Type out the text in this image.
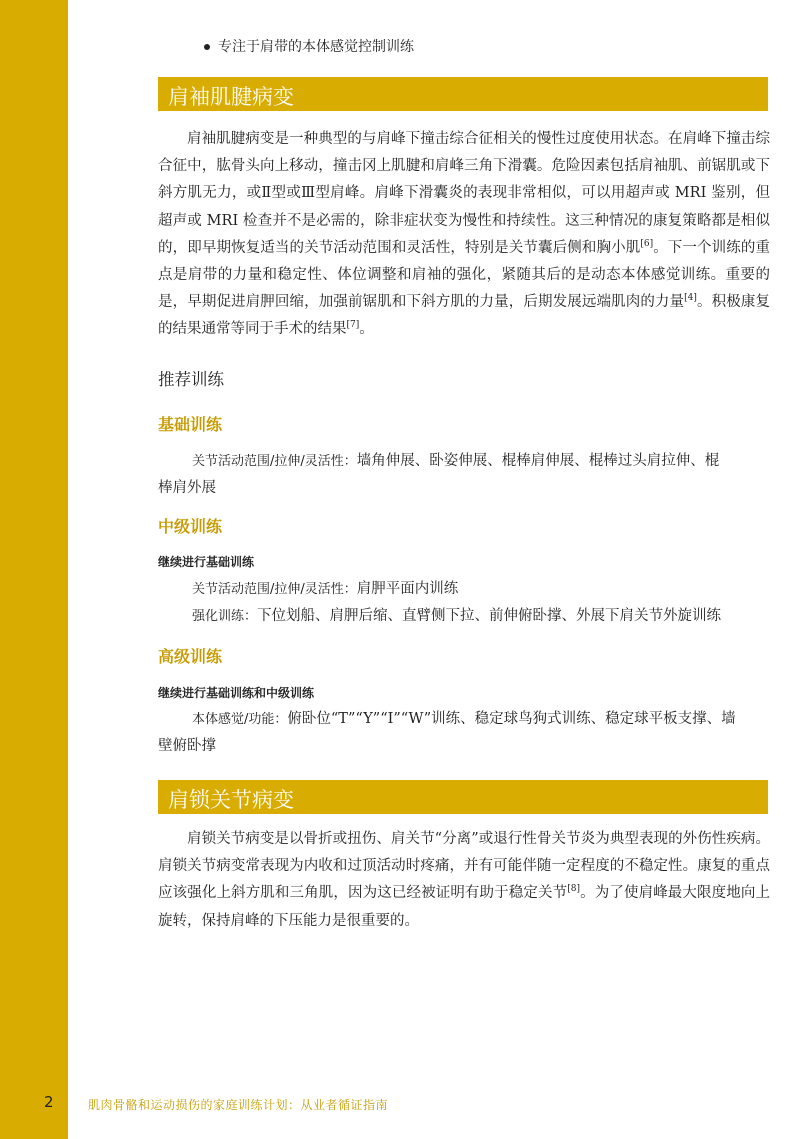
专注于肩带的本体感觉控制训练
肩袖肌腱病变

肩袖肌腱病变是一种典型的与肩峰下撞击综合征相关的慢性过度使用状态。在肩峰下撞击综合征中，肱骨头向上移动，撞击冈上肌腱和肩峰三角下滑囊。危险因素包括肩袖肌、前锯肌或下斜方肌无力，或Ⅱ型或Ⅲ型肩峰。肩峰下滑囊炎的表现非常相似，可以用超声或 MRI 鉴别，但超声或 MRI 检查并不是必需的，除非症状变为慢性和持续性。这三种情况的康复策略都是相似的，即早期恢复适当的关节活动范围和灵活性，特别是关节囊后侧和胸小肌[6]。下一个训练的重点是肩带的力量和稳定性、体位调整和肩袖的强化，紧随其后的是动态本体感觉训练。重要的是，早期促进肩胛回缩，加强前锯肌和下斜方肌的力量，后期发展远端肌肉的力量[4]。积极康复的结果通常等同于手术的结果[7]。

推荐训练
基础训练

关节活动范围/拉伸/灵活性：墙角伸展、卧姿伸展、棍棒肩伸展、棍棒过头肩拉伸、棍
棒肩外展

中级训练
继续进行基础训练

关节活动范围/拉伸/灵活性：肩胛平面内训练

强化训练：下位划船、肩胛后缩、直臂侧下拉、前伸俯卧撑、外展下肩关节外旋训练

高级训练
继续进行基础训练和中级训练

本体感觉/功能：俯卧位“T”“Y”“I”“W”训练、稳定球鸟狗式训练、稳定球平板支撑、墙
壁俯卧撑

肩锁关节病变

肩锁关节病变是以骨折或扭伤、肩关节“分离”或退行性骨关节炎为典型表现的外伤性疾病。肩锁关节病变常表现为内收和过顶活动时疼痛，并有可能伴随一定程度的不稳定性。康复的重点应该强化上斜方肌和三角肌，因为这已经被证明有助于稳定关节[8]。为了使肩峰最大限度地向上旋转，保持肩峰的下压能力是很重要的。

2	肌肉骨骼和运动损伤的家庭训练计划：从业者循证指南
